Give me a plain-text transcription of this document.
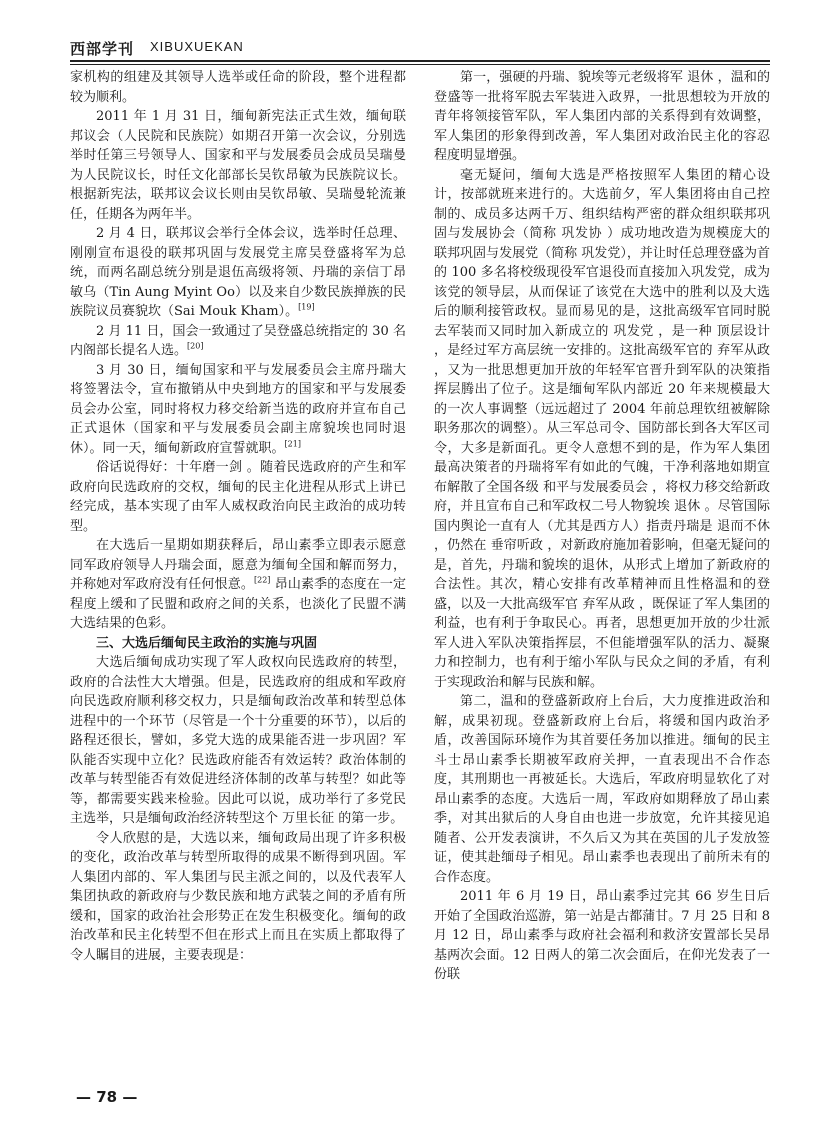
西部学刊 XIBUXUEKAN

家机构的组建及其领导人选举或任命的阶段，整个进程都较为顺利。

2011 年 1 月 31 日，缅甸新宪法正式生效，缅甸联邦议会（人民院和民族院）如期召开第一次会议，分别选举时任第三号领导人、国家和平与发展委员会成员吴瑞曼为人民院议长，时任文化部部长吴钦昂敏为民族院议长。根据新宪法，联邦议会议长则由吴钦昂敏、吴瑞曼轮流兼任，任期各为两年半。

2 月 4 日，联邦议会举行全体会议，选举时任总理、刚刚宣布退役的联邦巩固与发展党主席吴登盛将军为总统，而两名副总统分别是退伍高级将领、丹瑞的亲信丁昂敏乌（Tin Aung Myint Oo）以及来自少数民族掸族的民族院议员赛貌坎（Sai Mouk Kham）。[19]

2 月 11 日，国会一致通过了吴登盛总统指定的 30 名内阁部长提名人选。[20]

3 月 30 日，缅甸国家和平与发展委员会主席丹瑞大将签署法令，宣布撤销从中央到地方的国家和平与发展委员会办公室，同时将权力移交给新当选的政府并宣布自己正式退休（国家和平与发展委员会副主席貌埃也同时退休）。同一天，缅甸新政府宣誓就职。[21]

俗话说得好：十年磨一剑 。随着民选政府的产生和军政府向民选政府的交权，缅甸的民主化进程从形式上讲已经完成，基本实现了由军人威权政治向民主政治的成功转型。

在大选后一星期如期获释后，昂山素季立即表示愿意同军政府领导人丹瑞会面，愿意为缅甸全国和解而努力，并称她对军政府没有任何恨意。[22] 昂山素季的态度在一定程度上缓和了民盟和政府之间的关系，也淡化了民盟不满大选结果的色彩。

三、大选后缅甸民主政治的实施与巩固

大选后缅甸成功实现了军人政权向民选政府的转型，政府的合法性大大增强。但是，民选政府的组成和军政府向民选政府顺利移交权力，只是缅甸政治改革和转型总体进程中的一个环节（尽管是一个十分重要的环节），以后的路程还很长，譬如，多党大选的成果能否进一步巩固？军队能否实现中立化？民选政府能否有效运转？政治体制的改革与转型能否有效促进经济体制的改革与转型？如此等等，都需要实践来检验。因此可以说，成功举行了多党民主选举，只是缅甸政治经济转型这个 万里长征 的第一步。

令人欣慰的是，大选以来，缅甸政局出现了许多积极的变化，政治改革与转型所取得的成果不断得到巩固。军人集团内部的、军人集团与民主派之间的，以及代表军人集团执政的新政府与少数民族和地方武装之间的矛盾有所缓和，国家的政治社会形势正在发生积极变化。缅甸的政治改革和民主化转型不但在形式上而且在实质上都取得了令人瞩目的进展，主要表现是：

第一，强硬的丹瑞、貌埃等元老级将军 退休 ，温和的登盛等一批将军脱去军装进入政界，一批思想较为开放的青年将领接管军队，军人集团内部的关系得到有效调整，军人集团的形象得到改善，军人集团对政治民主化的容忍程度明显增强。

毫无疑问，缅甸大选是严格按照军人集团的精心设计，按部就班来进行的。大选前夕，军人集团将由自己控制的、成员多达两千万、组织结构严密的群众组织联邦巩固与发展协会（简称 巩发协 ）成功地改造为规模庞大的 联邦巩固与发展党（简称 巩发党），并让时任总理登盛为首的 100 多名将校级现役军官退役而直接加入巩发党，成为该党的领导层，从而保证了该党在大选中的胜利以及大选后的顺利接管政权。显而易见的是，这批高级军官同时脱去军装而又同时加入新成立的 巩发党 ，是一种 顶层设计 ，是经过军方高层统一安排的。这批高级军官的 弃军从政 ，又为一批思想更加开放的年轻军官晋升到军队的决策指挥层腾出了位子。这是缅甸军队内部近 20 年来规模最大的一次人事调整（远远超过了 2004 年前总理钦纽被解除职务那次的调整）。从三军总司令、国防部长到各大军区司令，大多是新面孔。更令人意想不到的是，作为军人集团最高决策者的丹瑞将军有如此的气魄，干净利落地如期宣布解散了全国各级 和平与发展委员会 ，将权力移交给新政府，并且宣布自己和军政权二号人物貌埃 退休 。尽管国际国内舆论一直有人（尤其是西方人）指责丹瑞是 退而不休 ，仍然在 垂帘听政 ，对新政府施加着影响，但毫无疑问的是，首先，丹瑞和貌埃的退休，从形式上增加了新政府的合法性。其次，精心安排有改革精神而且性格温和的登盛，以及一大批高级军官 弃军从政 ，既保证了军人集团的利益，也有利于争取民心。再者，思想更加开放的少壮派军人进入军队决策指挥层，不但能增强军队的活力、凝聚力和控制力，也有利于缩小军队与民众之间的矛盾，有利于实现政治和解与民族和解。

第二，温和的登盛新政府上台后，大力度推进政治和解，成果初现。登盛新政府上台后，将缓和国内政治矛盾，改善国际环境作为其首要任务加以推进。缅甸的民主斗士昂山素季长期被军政府关押，一直表现出不合作态度，其刑期也一再被延长。大选后，军政府明显软化了对昂山素季的态度。大选后一周，军政府如期释放了昂山素季，对其出狱后的人身自由也进一步放宽，允许其接见追随者、公开发表演讲，不久后又为其在英国的儿子发放签证，使其赴缅母子相见。昂山素季也表现出了前所未有的合作态度。

2011 年 6 月 19 日，昂山素季过完其 66 岁生日后开始了全国政治巡游，第一站是古都蒲甘。7 月 25 日和 8 月 12 日，昂山素季与政府社会福利和救济安置部长吴昂基两次会面。12 日两人的第二次会面后，在仰光发表了一份联

— 78 —
